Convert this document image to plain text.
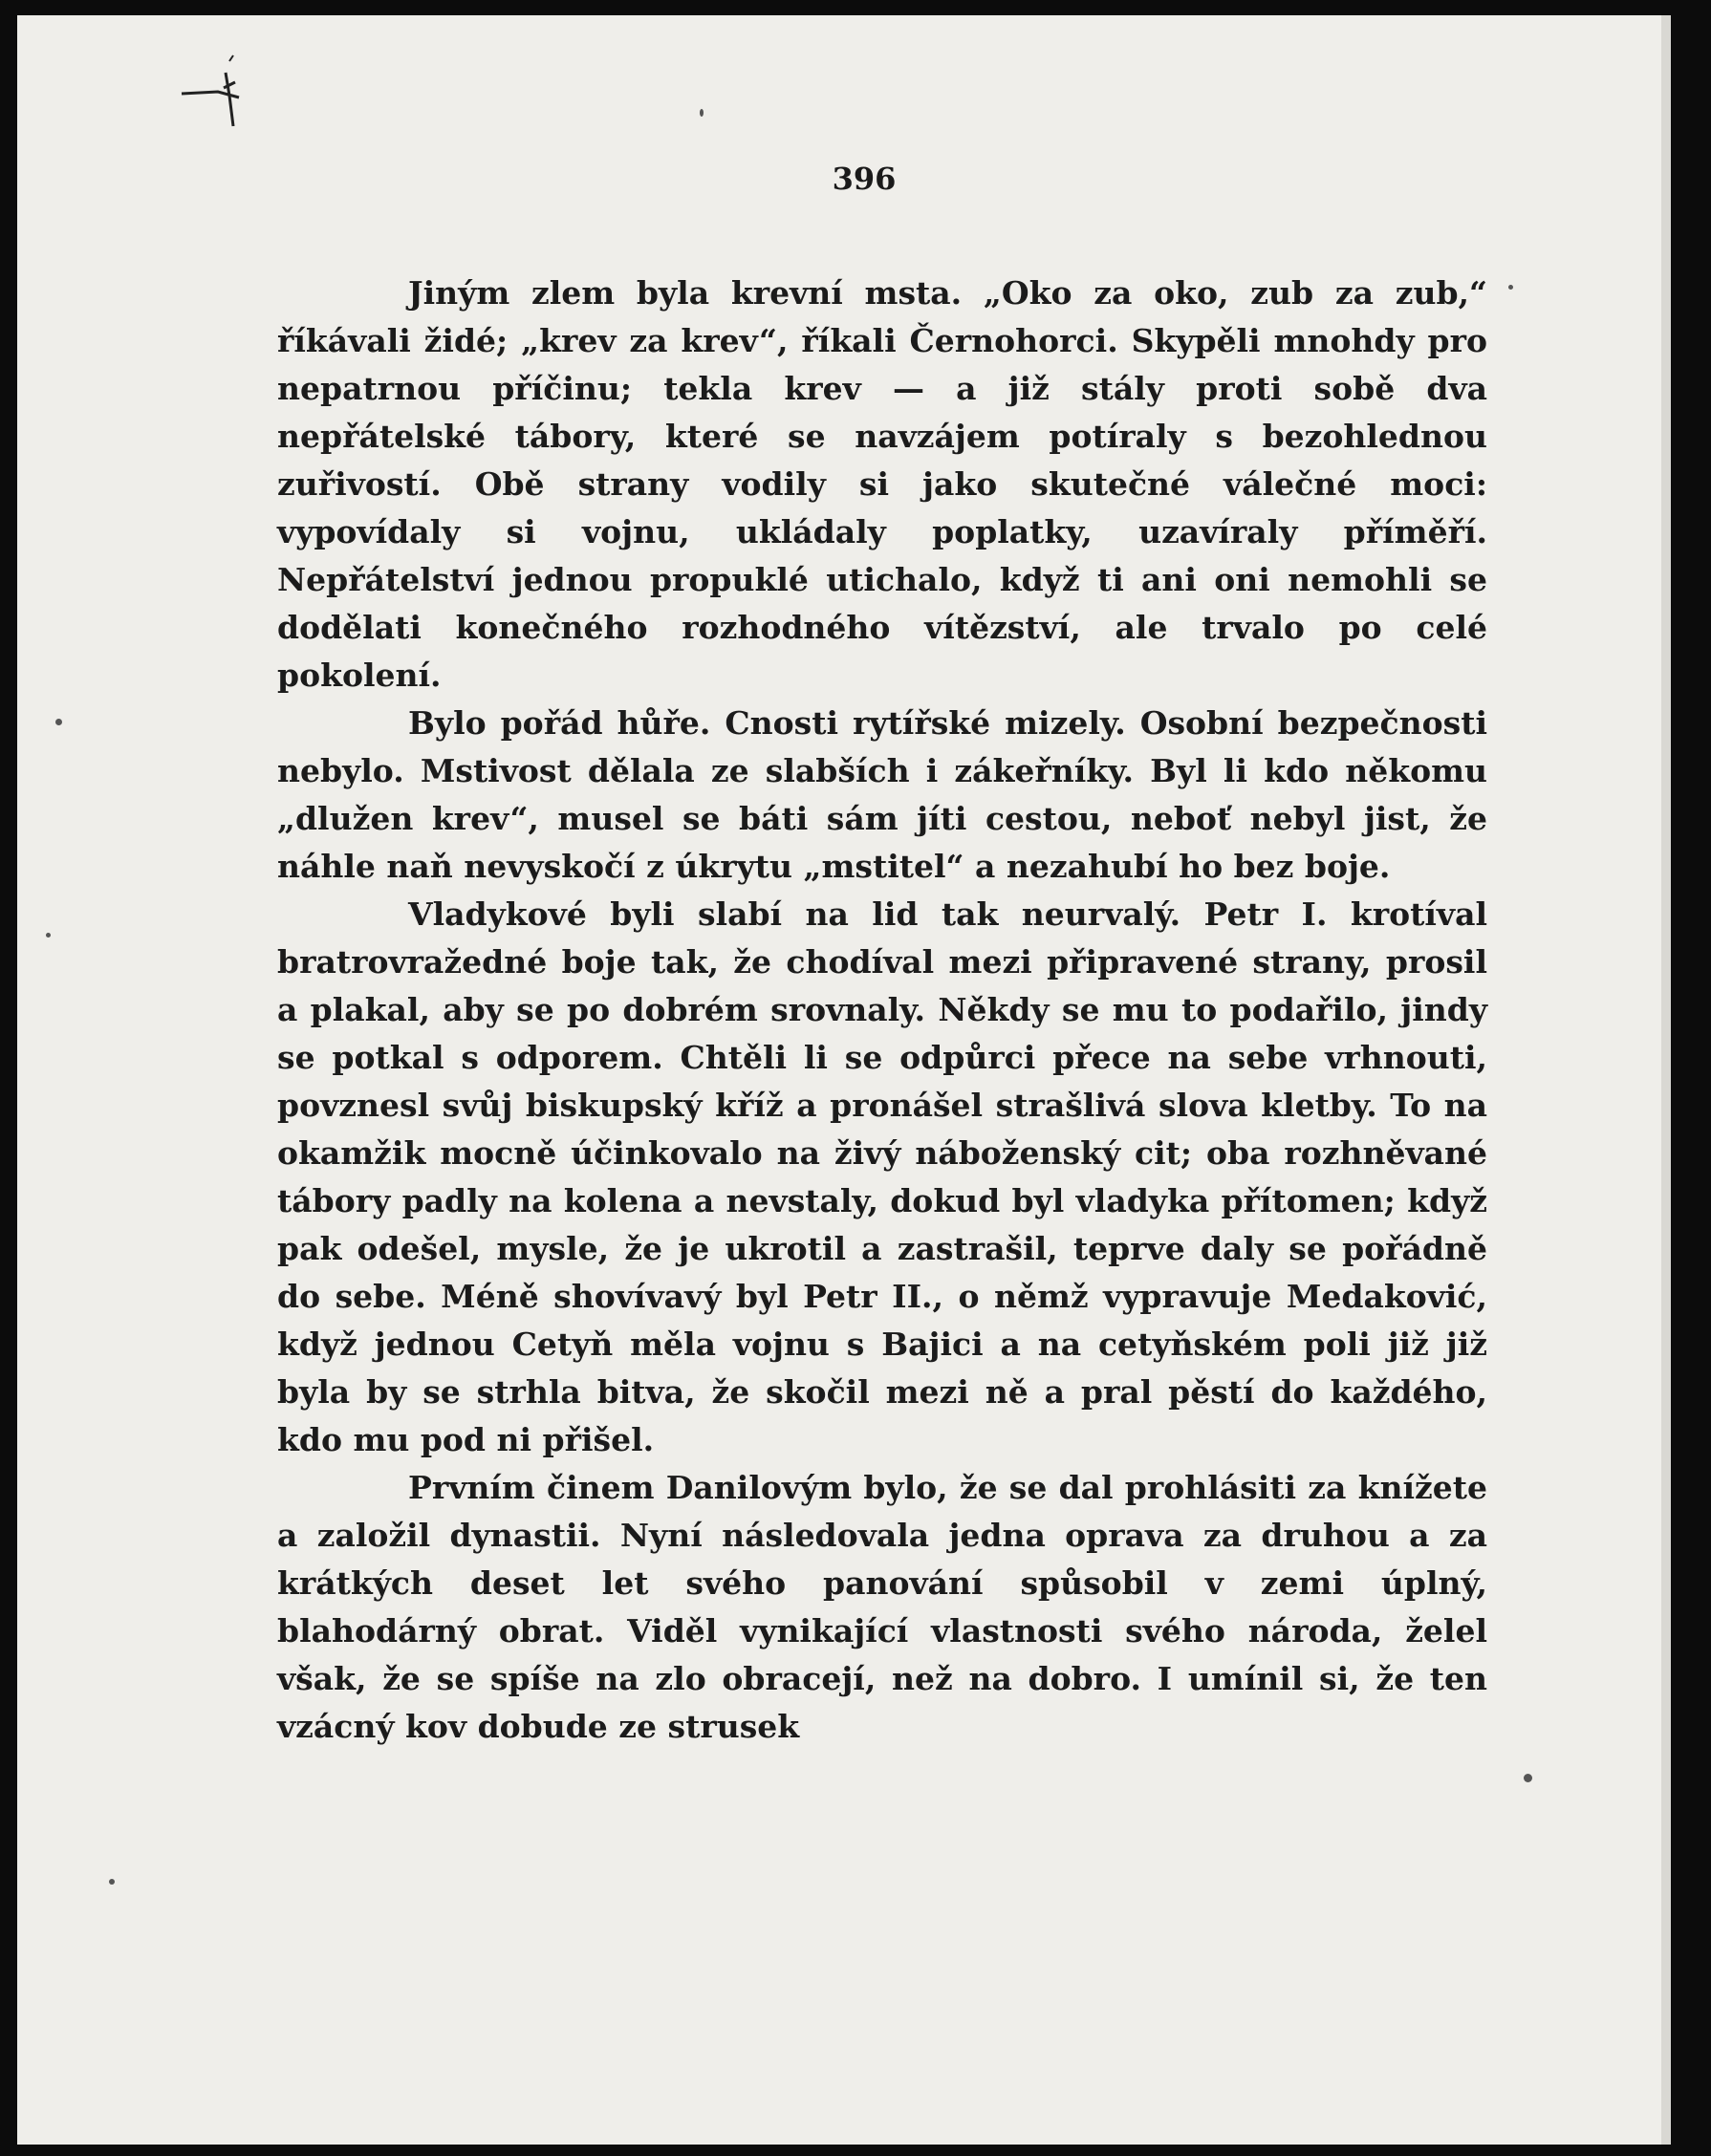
396

Jiným zlem byla krevní msta. „Oko za oko, zub za zub,“ říkávali židé; „krev za krev“, říkali Černohorci. Skypěli mnohdy pro nepatrnou příčinu; tekla krev — a již stály proti sobě dva nepřátelské tábory, které se navzájem potíraly s bezohlednou zuřivostí. Obě strany vodily si jako skutečné válečné moci: vypovídaly si vojnu, ukládaly poplatky, uzavíraly příměří. Nepřátelství jednou propuklé utichalo, když ti ani oni nemohli se dodělati konečného rozhodného vítězství, ale trvalo po celé pokolení.

Bylo pořád hůře. Cnosti rytířské mizely. Osobní bezpečnosti nebylo. Mstivost dělala ze slabších i zákeřníky. Byl li kdo někomu „dlužen krev“, musel se báti sám jíti cestou, neboť nebyl jist, že náhle naň nevyskočí z úkrytu „mstitel“ a nezahubí ho bez boje.

Vladykové byli slabí na lid tak neurvalý. Petr I. krotíval bratrovražedné boje tak, že chodíval mezi připravené strany, prosil a plakal, aby se po dobrém srovnaly. Někdy se mu to podařilo, jindy se potkal s odporem. Chtěli li se odpůrci přece na sebe vrhnouti, povznesl svůj biskupský kříž a pronášel strašlivá slova kletby. To na okamžik mocně účinkovalo na živý náboženský cit; oba rozhněvané tábory padly na kolena a nevstaly, dokud byl vladyka přítomen; když pak odešel, mysle, že je ukrotil a zastrašil, teprve daly se pořádně do sebe. Méně shovívavý byl Petr II., o němž vypravuje Medaković, když jednou Cetyň měla vojnu s Bajici a na cetyňském poli již již byla by se strhla bitva, že skočil mezi ně a pral pěstí do každého, kdo mu pod ni přišel.

Prvním činem Danilovým bylo, že se dal prohlásiti za knížete a založil dynastii. Nyní následovala jedna oprava za druhou a za krátkých deset let svého panování spůsobil v zemi úplný, blahodárný obrat. Viděl vynikající vlastnosti svého národa, želel však, že se spíše na zlo obracejí, než na dobro. I umínil si, že ten vzácný kov dobude ze strusek
